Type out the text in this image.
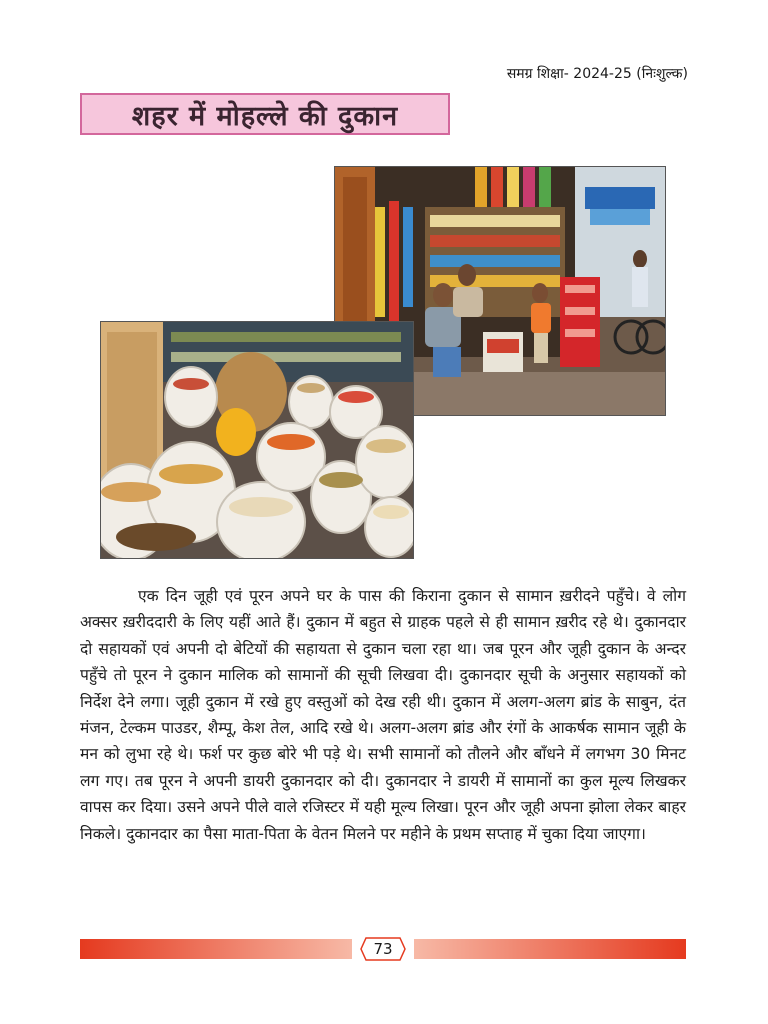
समग्र शिक्षा- 2024-25 (निःशुल्क)
शहर में मोहल्ले की दुकान

एक दिन जूही एवं पूरन अपने घर के पास की किराना दुकान से सामान ख़रीदने पहुँचे। वे लोग अक्सर ख़रीददारी के लिए यहीं आते हैं। दुकान में बहुत से ग्राहक पहले से ही सामान ख़रीद रहे थे। दुकानदार दो सहायकों एवं अपनी दो बेटियों की सहायता से दुकान चला रहा था। जब पूरन और जूही दुकान के अन्दर पहुँचे तो पूरन ने दुकान मालिक को सामानों की सूची लिखवा दी। दुकानदार सूची के अनुसार सहायकों को निर्देश देने लगा। जूही दुकान में रखे हुए वस्तुओं को देख रही थी। दुकान में अलग-अलग ब्रांड के साबुन, दंत मंजन, टेल्कम पाउडर, शैम्पू, केश तेल, आदि रखे थे। अलग-अलग ब्रांड और रंगों के आकर्षक सामान जूही के मन को लुभा रहे थे। फर्श पर कुछ बोरे भी पड़े थे। सभी सामानों को तौलने और बाँधने में लगभग 30 मिनट लग गए। तब पूरन ने अपनी डायरी दुकानदार को दी। दुकानदार ने डायरी में सामानों का कुल मूल्य लिखकर वापस कर दिया। उसने अपने पीले वाले रजिस्टर में यही मूल्य लिखा। पूरन और जूही अपना झोला लेकर बाहर निकले। दुकानदार का पैसा माता-पिता के वेतन मिलने पर महीने के प्रथम सप्ताह में चुका दिया जाएगा।

73
